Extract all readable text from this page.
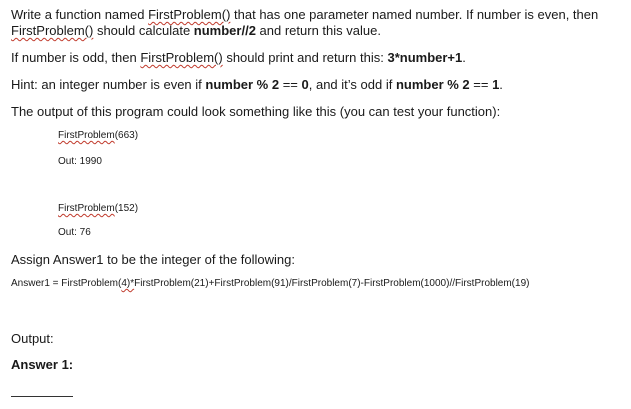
Write a function named FirstProblem() that has one parameter named number. If number is even, then

FirstProblem() should calculate number//2 and return this value.

If number is odd, then FirstProblem() should print and return this: 3*number+1.

Hint: an integer number is even if number % 2 == 0, and it’s odd if number % 2 == 1.

The output of this program could look something like this (you can test your function):

FirstProblem(663)

Out: 1990

FirstProblem(152)

Out: 76

Assign Answer1 to be the integer of the following:

Answer1 = FirstProblem(4)*FirstProblem(21)+FirstProblem(91)/FirstProblem(7)-FirstProblem(1000)//FirstProblem(19)

Output:

Answer 1:
